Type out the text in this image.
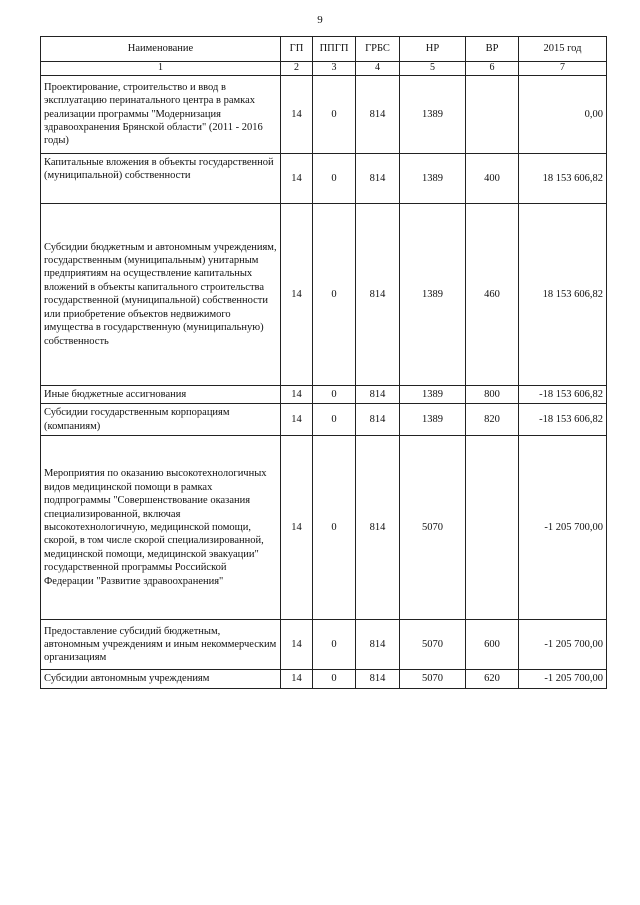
9
Наименование	ГП	ППГП	ГРБС	НР	ВР	2015 год
1	2	3	4	5	6	7
Проектирование, строительство и ввод в эксплуатацию перинатального центра в рамках реализации программы "Модернизация здравоохранения Брянской области" (2011 - 2016 годы)	14	0	814	1389		0,00
Капитальные вложения в объекты государственной (муниципальной) собственности	14	0	814	1389	400	18 153 606,82
Субсидии бюджетным и автономным учреждениям, государственным (муниципальным) унитарным предприятиям на осуществление капитальных вложений в объекты капитального строительства государственной (муниципальной) собственности или приобретение объектов недвижимого имущества в государственную (муниципальную) собственность	14	0	814	1389	460	18 153 606,82
Иные бюджетные ассигнования	14	0	814	1389	800	-18 153 606,82
Субсидии государственным корпорациям (компаниям)	14	0	814	1389	820	-18 153 606,82
Мероприятия по оказанию высокотехнологичных видов медицинской помощи в рамках подпрограммы "Совершенствование оказания специализированной, включая высокотехнологичную, медицинской помощи, скорой, в том числе скорой специализированной, медицинской помощи, медицинской эвакуации" государственной программы Российской Федерации "Развитие здравоохранения"	14	0	814	5070		-1 205 700,00
Предоставление субсидий бюджетным, автономным учреждениям и иным некоммерческим организациям	14	0	814	5070	600	-1 205 700,00
Субсидии автономным учреждениям	14	0	814	5070	620	-1 205 700,00
